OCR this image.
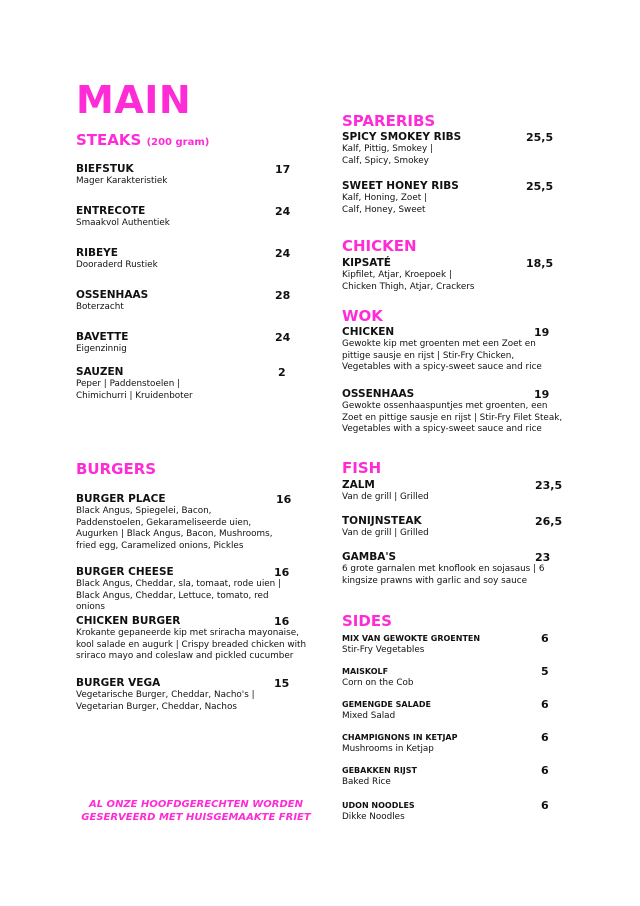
MAIN
STEAKS (200 gram)
BIEFSTUK	17
Mager Karakteristiek
ENTRECOTE	24
Smaakvol Authentiek
RIBEYE	24
Dooraderd Rustiek
OSSENHAAS	28
Boterzacht
BAVETTE	24
Eigenzinnig
SAUZEN	2
Peper | Paddenstoelen | Chimichurri | Kruidenboter
BURGERS
BURGER PLACE	16
Black Angus, Spiegelei, Bacon, Paddenstoelen, Gekarameliseerde uien, Augurken | Black Angus, Bacon, Mushrooms, fried egg, Caramelized onions, Pickles
BURGER CHEESE	16
Black Angus, Cheddar, sla, tomaat, rode uien | Black Angus, Cheddar, Lettuce, tomato, red onions
CHICKEN BURGER	16
Krokante gepaneerde kip met sriracha mayonaise, kool salade en augurk | Crispy breaded chicken with sriraco mayo and coleslaw and pickled cucumber
BURGER VEGA	15
Vegetarische Burger, Cheddar, Nacho's | Vegetarian Burger, Cheddar, Nachos
AL ONZE HOOFDGERECHTEN WORDEN
GESERVEERD MET HUISGEMAAKTE FRIET
SPARERIBS
SPICY SMOKEY RIBS	25,5
Kalf, Pittig, Smokey | Calf, Spicy, Smokey
SWEET HONEY RIBS	25,5
Kalf, Honing, Zoet | Calf, Honey, Sweet
CHICKEN
KIPSATÉ	18,5
Kipfilet, Atjar, Kroepoek | Chicken Thigh, Atjar, Crackers
WOK
CHICKEN	19
Gewokte kip met groenten met een Zoet en pittige sausje en rijst | Stir-Fry Chicken, Vegetables with a spicy-sweet sauce and rice
OSSENHAAS	19
Gewokte ossenhaaspuntjes met groenten, een Zoet en pittige sausje en rijst | Stir-Fry Filet Steak, Vegetables with a spicy-sweet sauce and rice
FISH
ZALM	23,5
Van de grill | Grilled
TONIJNSTEAK	26,5
Van de grill | Grilled
GAMBA'S	23
6 grote garnalen met knoflook en sojasaus | 6 kingsize prawns with garlic and soy sauce
SIDES
MIX VAN GEWOKTE GROENTEN	6
Stir-Fry Vegetables
MAISKOLF	5
Corn on the Cob
GEMENGDE SALADE	6
Mixed Salad
CHAMPIGNONS IN KETJAP	6
Mushrooms in Ketjap
GEBAKKEN RIJST	6
Baked Rice
UDON NOODLES	6
Dikke Noodles
